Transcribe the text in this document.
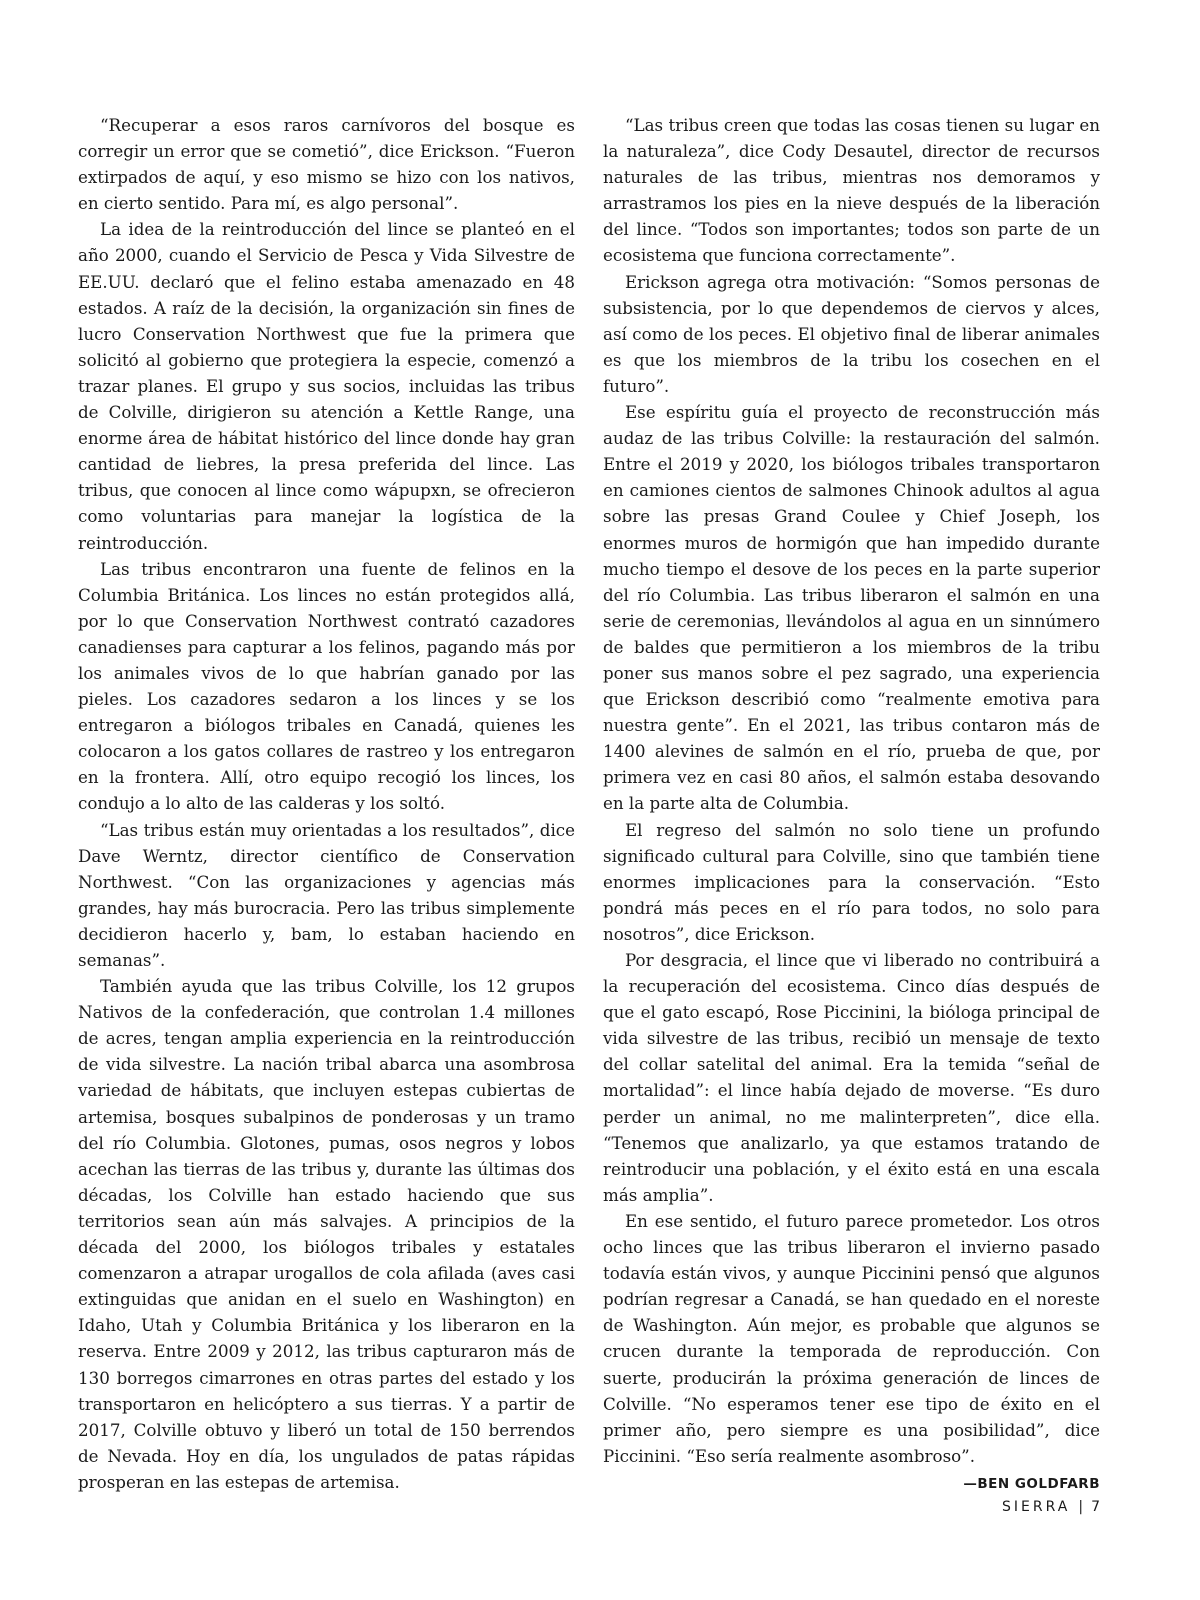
“Recuperar a esos raros carnívoros del bosque es corregir un error que se cometió”, dice Erickson. “Fueron extirpados de aquí, y eso mismo se hizo con los nativos, en cierto sentido. Para mí, es algo personal”.

La idea de la reintroducción del lince se planteó en el año 2000, cuando el Servicio de Pesca y Vida Silvestre de EE.UU. declaró que el felino estaba amenazado en 48 estados. A raíz de la decisión, la organización sin fines de lucro Conservation Northwest que fue la primera que solicitó al gobierno que protegiera la especie, comenzó a trazar planes. El grupo y sus socios, incluidas las tribus de Colville, dirigieron su atención a Kettle Range, una enorme área de hábitat histórico del lince donde hay gran cantidad de liebres, la presa preferida del lince. Las tribus, que conocen al lince como wápupxn, se ofrecieron como voluntarias para manejar la logística de la reintroducción.

Las tribus encontraron una fuente de felinos en la Columbia Británica. Los linces no están protegidos allá, por lo que Conservation Northwest contrató cazadores canadienses para capturar a los felinos, pagando más por los animales vivos de lo que habrían ganado por las pieles. Los cazadores sedaron a los linces y se los entregaron a biólogos tribales en Canadá, quienes les colocaron a los gatos collares de rastreo y los entregaron en la frontera. Allí, otro equipo recogió los linces, los condujo a lo alto de las calderas y los soltó.

“Las tribus están muy orientadas a los resultados”, dice Dave Werntz, director científico de Conservation Northwest. “Con las organizaciones y agencias más grandes, hay más burocracia. Pero las tribus simplemente decidieron hacerlo y, bam, lo estaban haciendo en semanas”.

También ayuda que las tribus Colville, los 12 grupos Nativos de la confederación, que controlan 1.4 millones de acres, tengan amplia experiencia en la reintroducción de vida silvestre. La nación tribal abarca una asombrosa variedad de hábitats, que incluyen estepas cubiertas de artemisa, bosques subalpinos de ponderosas y un tramo del río Columbia. Glotones, pumas, osos negros y lobos acechan las tierras de las tribus y, durante las últimas dos décadas, los Colville han estado haciendo que sus territorios sean aún más salvajes. A principios de la década del 2000, los biólogos tribales y estatales comenzaron a atrapar urogallos de cola afilada (aves casi extinguidas que anidan en el suelo en Washington) en Idaho, Utah y Columbia Británica y los liberaron en la reserva. Entre 2009 y 2012, las tribus capturaron más de 130 borregos cimarrones en otras partes del estado y los transportaron en helicóptero a sus tierras. Y a partir de 2017, Colville obtuvo y liberó un total de 150 berrendos de Nevada. Hoy en día, los ungulados de patas rápidas prosperan en las estepas de artemisa.

“Las tribus creen que todas las cosas tienen su lugar en la naturaleza”, dice Cody Desautel, director de recursos naturales de las tribus, mientras nos demoramos y arrastramos los pies en la nieve después de la liberación del lince. “Todos son importantes; todos son parte de un ecosistema que funciona correctamente”.

Erickson agrega otra motivación: “Somos personas de subsistencia, por lo que dependemos de ciervos y alces, así como de los peces. El objetivo final de liberar animales es que los miembros de la tribu los cosechen en el futuro”.

Ese espíritu guía el proyecto de reconstrucción más audaz de las tribus Colville: la restauración del salmón. Entre el 2019 y 2020, los biólogos tribales transportaron en camiones cientos de salmones Chinook adultos al agua sobre las presas Grand Coulee y Chief Joseph, los enormes muros de hormigón que han impedido durante mucho tiempo el desove de los peces en la parte superior del río Columbia. Las tribus liberaron el salmón en una serie de ceremonias, llevándolos al agua en un sinnúmero de baldes que permitieron a los miembros de la tribu poner sus manos sobre el pez sagrado, una experiencia que Erickson describió como “realmente emotiva para nuestra gente”. En el 2021, las tribus contaron más de 1400 alevines de salmón en el río, prueba de que, por primera vez en casi 80 años, el salmón estaba desovando en la parte alta de Columbia.

El regreso del salmón no solo tiene un profundo significado cultural para Colville, sino que también tiene enormes implicaciones para la conservación. “Esto pondrá más peces en el río para todos, no solo para nosotros”, dice Erickson.

Por desgracia, el lince que vi liberado no contribuirá a la recuperación del ecosistema. Cinco días después de que el gato escapó, Rose Piccinini, la bióloga principal de vida silvestre de las tribus, recibió un mensaje de texto del collar satelital del animal. Era la temida “señal de mortalidad”: el lince había dejado de moverse. “Es duro perder un animal, no me malinterpreten”, dice ella. “Tenemos que analizarlo, ya que estamos tratando de reintroducir una población, y el éxito está en una escala más amplia”.

En ese sentido, el futuro parece prometedor. Los otros ocho linces que las tribus liberaron el invierno pasado todavía están vivos, y aunque Piccinini pensó que algunos podrían regresar a Canadá, se han quedado en el noreste de Washington. Aún mejor, es probable que algunos se crucen durante la temporada de reproducción. Con suerte, producirán la próxima generación de linces de Colville. “No esperamos tener ese tipo de éxito en el primer año, pero siempre es una posibilidad”, dice Piccinini. “Eso sería realmente asombroso”.

—BEN GOLDFARB
SIERRA | 7
